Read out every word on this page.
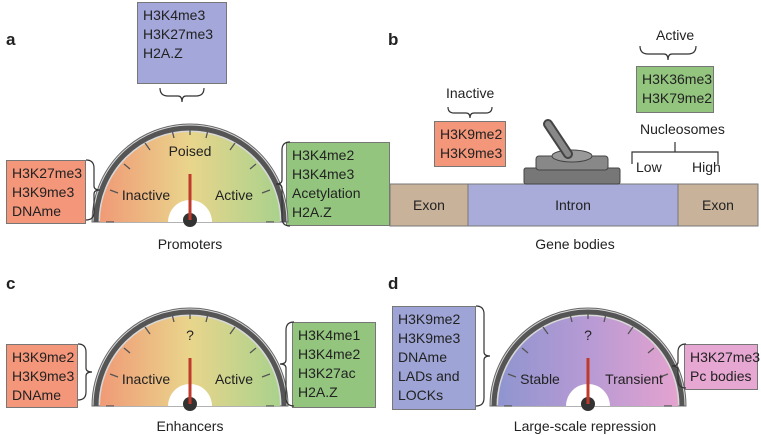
a
H3K4me3
H3K27me3
H2A.Z
H3K27me3
H3K9me3
DNAme
H3K4me2
H3K4me3
Acetylation
H2A.Z
Poised
Inactive	Active
Promoters
b
Inactive
H3K9me2
H3K9me3
Active
H3K36me3
H3K79me2
Nucleosomes
Low High
Exon	Intron	Exon
Gene bodies
c
H3K9me2
H3K9me3
DNAme
H3K4me1
H3K4me2
H3K27ac
H2A.Z
?
Inactive	Active
Enhancers
d
H3K9me2
H3K9me3
DNAme
LADs and
LOCKs
H3K27me3
Pc bodies
?
Stable	Transient
Large-scale repression
